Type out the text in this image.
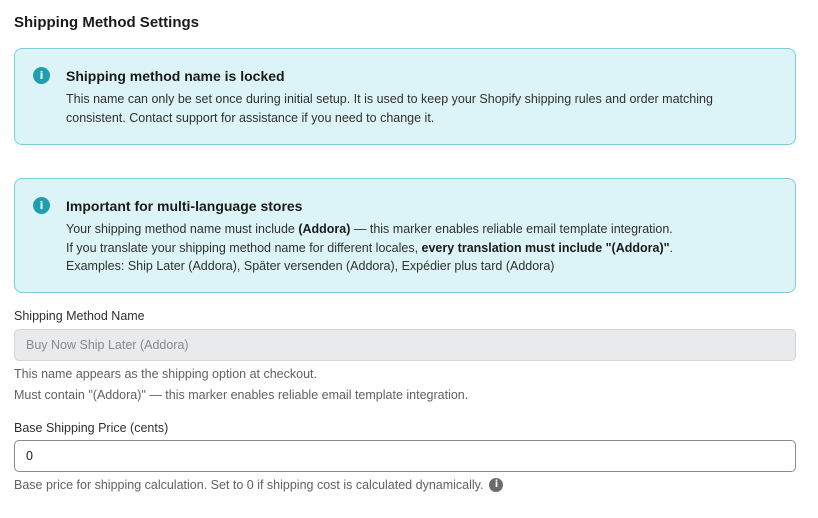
Shipping Method Settings
i	Shipping method name is locked

This name can only be set once during initial setup. It is used to keep your Shopify shipping rules and order matching consistent. Contact support for assistance if you need to change it.

i	Important for multi-language stores

Your shipping method name must include (Addora) — this marker enables reliable email template integration.

If you translate your shipping method name for different locales, every translation must include "(Addora)".

Examples: Ship Later (Addora), Später versenden (Addora), Expédier plus tard (Addora)

Shipping Method Name
Buy Now Ship Later (Addora)
This name appears as the shipping option at checkout.
Must contain "(Addora)" — this marker enables reliable email template integration.
Base Shipping Price (cents)
0
Base price for shipping calculation. Set to 0 if shipping cost is calculated dynamically.	i
